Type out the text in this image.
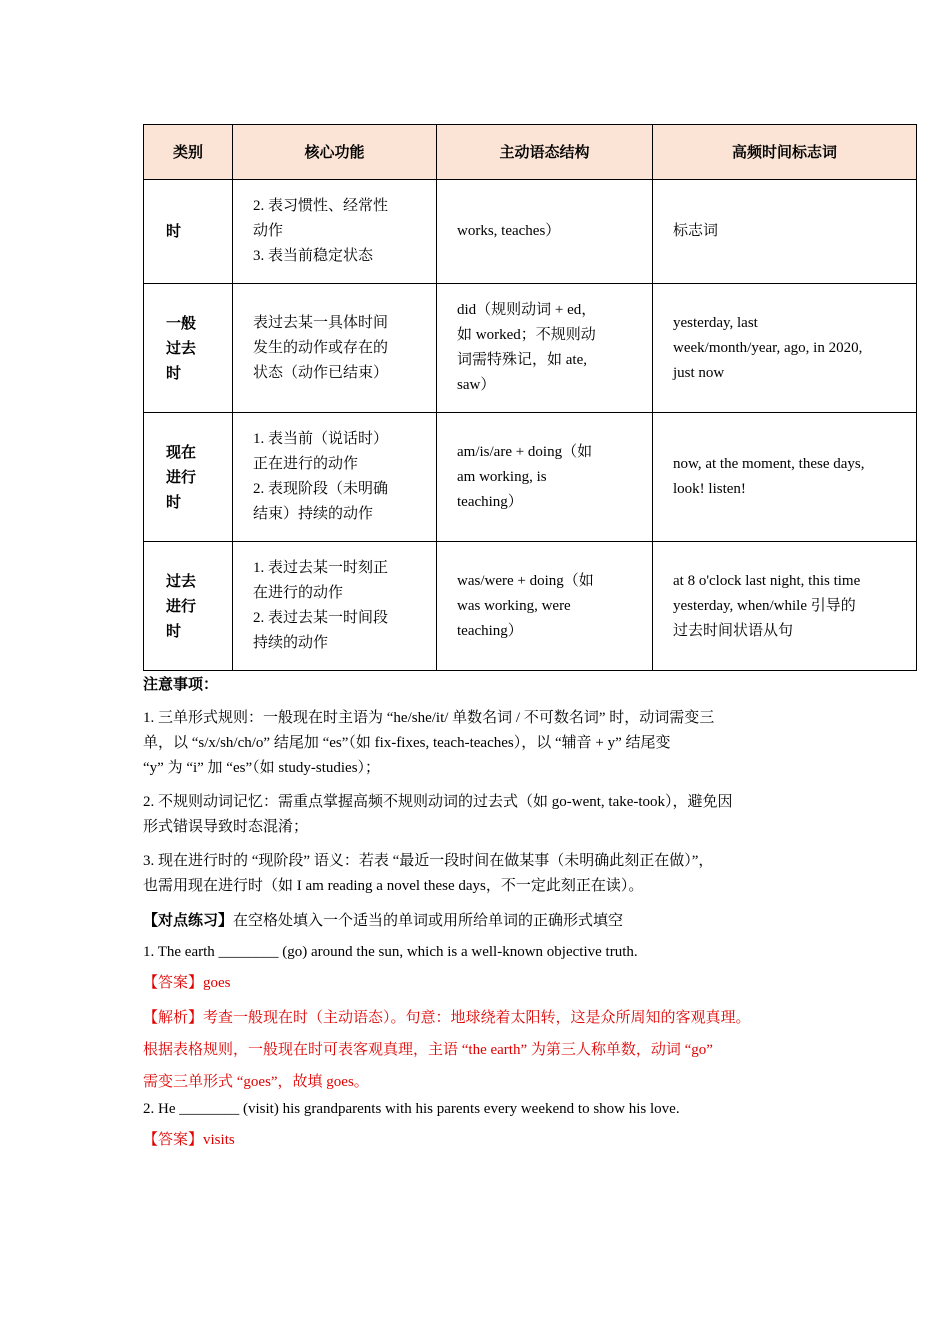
类别	核心功能	主动语态结构	高频时间标志词

时	2. 表习惯性、经常性
动作
3. 表当前稳定状态	works, teaches）	标志词

一般
过去
时	表过去某一具体时间
发生的动作或存在的
状态（动作已结束）	did（规则动词 + ed，
如 worked；不规则动
词需特殊记，如 ate,
saw）	yesterday, last
week/month/year, ago, in 2020,
just now

现在
进行
时	1. 表当前（说话时）
正在进行的动作
2. 表现阶段（未明确
结束）持续的动作	am/is/are + doing（如
am working, is
teaching）	now, at the moment, these days,
look! listen!

过去
进行
时	1. 表过去某一时刻正
在进行的动作
2. 表过去某一时间段
持续的动作	was/were + doing（如
was working, were
teaching）	at 8 o'clock last night, this time
yesterday, when/while 引导的
过去时间状语从句
注意事项：
1. 三单形式规则：一般现在时主语为 “he/she/it/ 单数名词 / 不可数名词” 时，动词需变三
单，以 “s/x/sh/ch/o” 结尾加 “es”（如 fix-fixes, teach-teaches），以 “辅音 + y” 结尾变
“y” 为 “i” 加 “es”（如 study-studies）；
2. 不规则动词记忆：需重点掌握高频不规则动词的过去式（如 go-went, take-took），避免因
形式错误导致时态混淆；
3. 现在进行时的 “现阶段” 语义：若表 “最近一段时间在做某事（未明确此刻正在做）”，
也需用现在进行时（如 I am reading a novel these days，不一定此刻正在读）。
【对点练习】在空格处填入一个适当的单词或用所给单词的正确形式填空
1. The earth ________ (go) around the sun, which is a well-known objective truth.
【答案】goes
【解析】考查一般现在时（主动语态）。句意：地球绕着太阳转，这是众所周知的客观真理。
根据表格规则，一般现在时可表客观真理，主语 “the earth” 为第三人称单数，动词 “go”
需变三单形式 “goes”，故填 goes。
2. He ________ (visit) his grandparents with his parents every weekend to show his love.
【答案】visits
